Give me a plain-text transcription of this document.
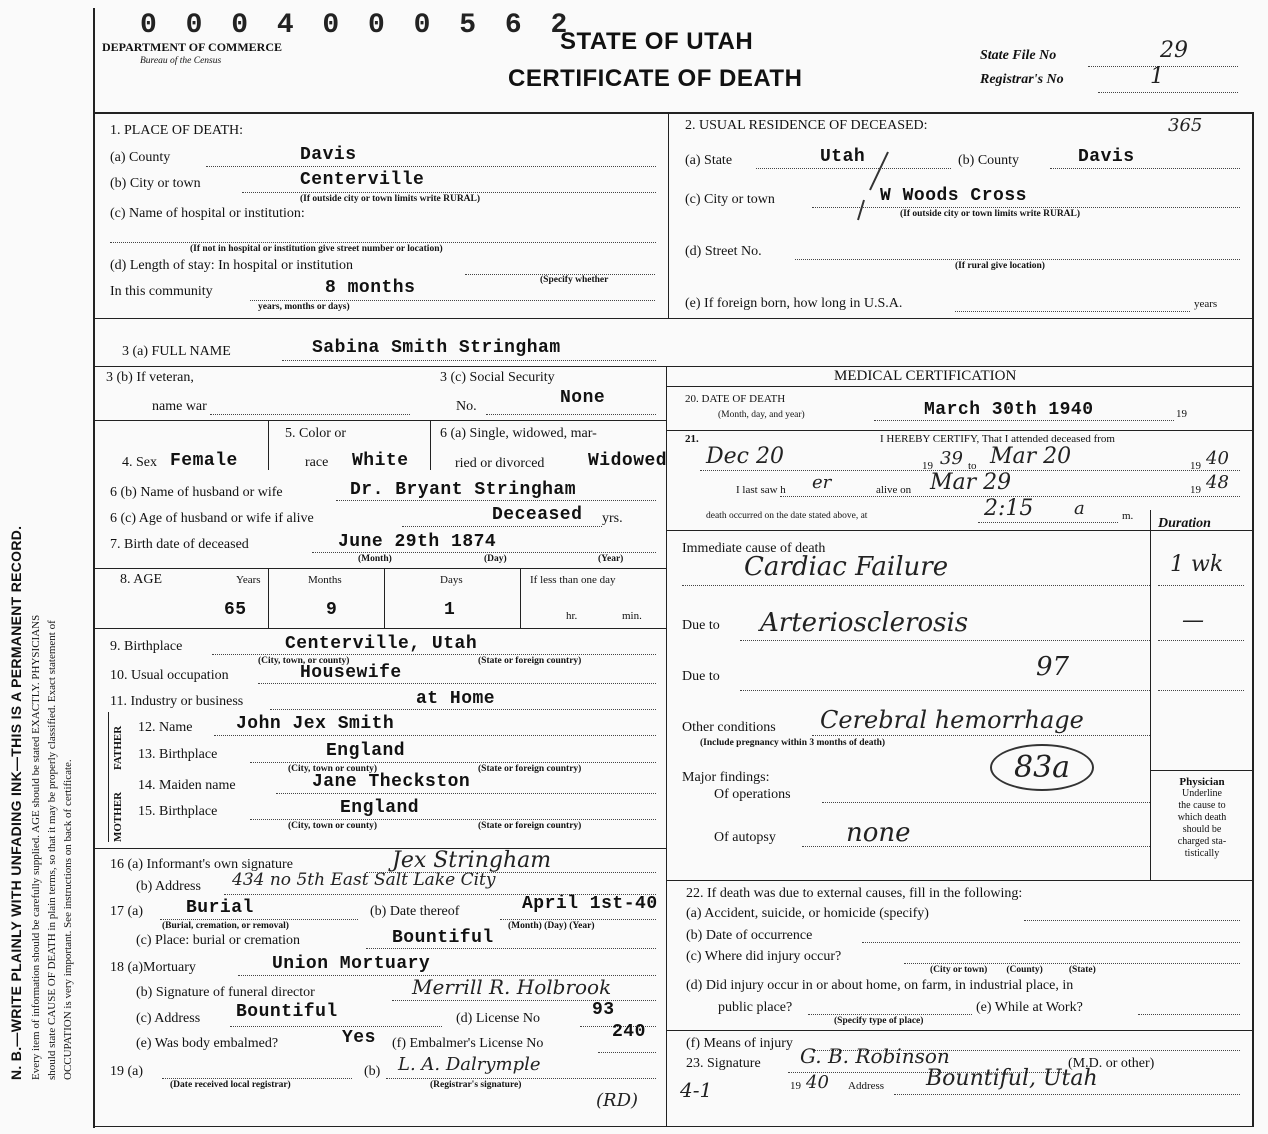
N. B.—WRITE PLAINLY WITH UNFADING INK—THIS IS A PERMANENT RECORD. Every item of information should be carefully supplied. AGE should be stated EXACTLY. PHYSICIANS should state CAUSE OF DEATH in plain terms, so that it may be properly classified. Exact statement of OCCUPATION is very important. See instructions on back of certificate.
0 0 0 4 0 0 0 5 6 2
DEPARTMENT OF COMMERCE
Bureau of the Census
STATE OF UTAH
CERTIFICATE OF DEATH
State File No	29
Registrar's No	1
1. PLACE OF DEATH:
(a) County	Davis
(b) City or town	Centerville
(If outside city or town limits write RURAL)
(c) Name of hospital or institution:
(If not in hospital or institution give street number or location)
(d) Length of stay: In hospital or institution
(Specify whether
In this community	8 months
years, months or days)
2. USUAL RESIDENCE OF DECEASED:	365
(a) State	Utah	(b) County	Davis
(c) City or town	W Woods Cross
(If outside city or town limits write RURAL)
(d) Street No.
(If rural give location)
(e) If foreign born, how long in U.S.A.	years
3 (a) FULL NAME	Sabina Smith Stringham
3 (b) If veteran,
name war
3 (c) Social Security
No.	None
4. Sex Female
5. Color or
race White
6 (a) Single, widowed, mar-
ried or divorced Widowed
6 (b) Name of husband or wife	Dr. Bryant Stringham
6 (c) Age of husband or wife if alive	Deceased yrs.
7. Birth date of deceased	June 29th 1874
(Month)	(Day)	(Year)
8. AGE	Years	Months	Days	If less than one day
65	9	1	hr.	min.
9. Birthplace	Centerville, Utah
(City, town, or county)	(State or foreign country)
10. Usual occupation	Housewife
11. Industry or business	at Home
FATHER
MOTHER
12. Name John Jex Smith
13. Birthplace	England
(City, town or county)	(State or foreign country)
14. Maiden name	Jane Theckston
15. Birthplace	England
(City, town or county)	(State or foreign country)
16 (a) Informant's own signature	Jex Stringham
(b) Address 434 no 5th East Salt Lake City
17 (a) Burial
(Burial, cremation, or removal)
(b) Date thereof	April 1st-40
(Month) (Day) (Year)
(c) Place: burial or cremation	Bountiful
18 (a)Mortuary	Union Mortuary
(b) Signature of funeral director	Merrill R. Holbrook
(c) Address Bountiful	(d) License No	93
(e) Was body embalmed?	Yes (f) Embalmer's License No
240
19 (a)
(Date received local registrar)
(b) L. A. Dalrymple
(Registrar's signature)
(RD)
MEDICAL CERTIFICATION
20. DATE OF DEATH
(Month, day, and year)	March 30th 1940	19
21.	I HEREBY CERTIFY, That I attended deceased from
Dec 20	19 39 to Mar 20	19 40
I last saw h er	alive on Mar 29	19 48
death occurred on the date stated above, at	2:15 a	m. Duration
Immediate cause of death
Cardiac Failure	1 wk
Due to Arteriosclerosis	—
Due to	97
Other conditions Cerebral hemorrhage
(Include pregnancy within 3 months of death)
83a
Major findings:
Of operations
Of autopsy	none
Physician
Underline
the cause to
which death
should be
charged sta-
tistically
22. If death was due to external causes, fill in the following:
(a) Accident, suicide, or homicide (specify)
(b) Date of occurrence
(c) Where did injury occur?
(City or town)        (County)           (State)
(d) Did injury occur in or about home, on farm, in industrial place, in
public place?
(Specify type of place)
(e) While at Work?
(f) Means of injury
23. Signature G. B. Robinson	(M.D. or other)
4-1	19 40 Address Bountiful, Utah
